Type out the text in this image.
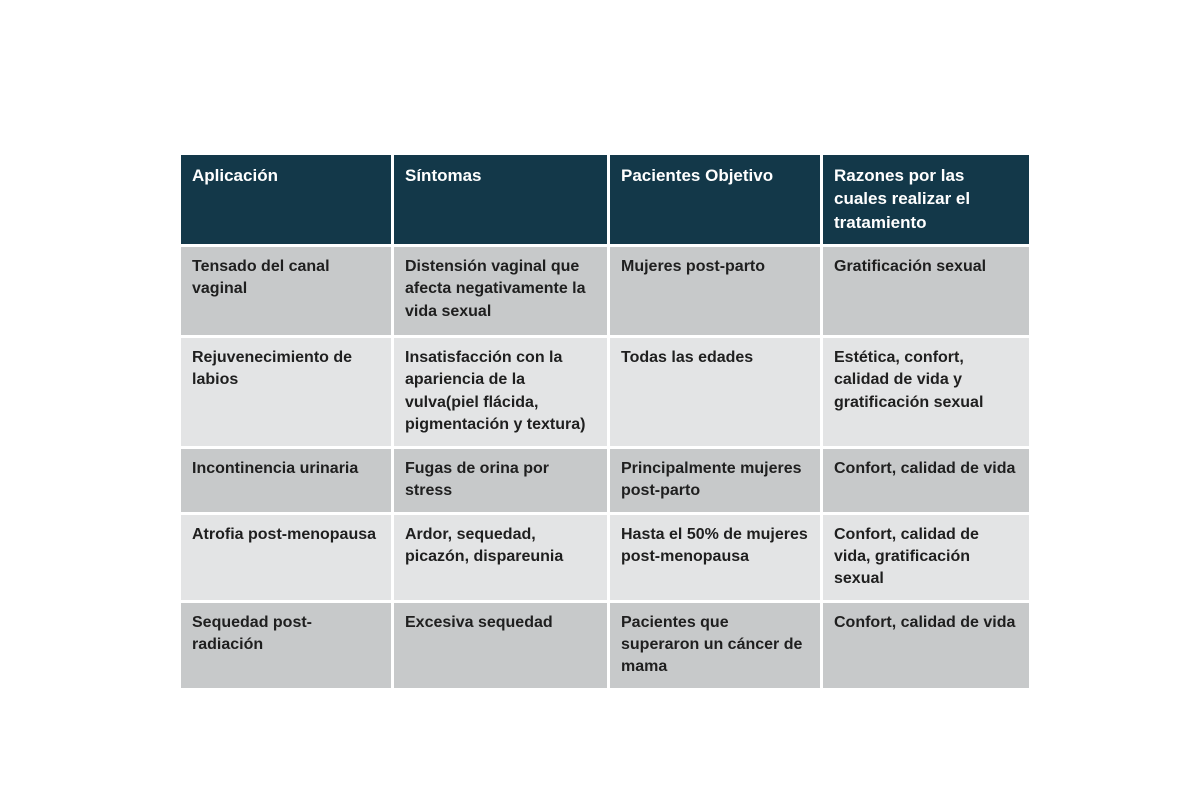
Aplicación	Síntomas	Pacientes Objetivo	Razones por las cuales realizar el tratamiento
Tensado del canal vaginal	Distensión vaginal que afecta negativamente la vida sexual	Mujeres post-parto	Gratificación sexual
Rejuvenecimiento de labios	Insatisfacción con la apariencia de la vulva(piel flácida, pigmentación y textura)	Todas las edades	Estética, confort, calidad de vida y gratificación sexual
Incontinencia urinaria	Fugas de orina por stress	Principalmente mujeres post-parto	Confort, calidad de vida
Atrofia post-menopausa	Ardor, sequedad, picazón, dispareunia	Hasta el 50% de mujeres post-menopausa	Confort, calidad de vida, gratificación sexual
Sequedad post-radiación	Excesiva sequedad	Pacientes que superaron un cáncer de mama	Confort, calidad de vida
